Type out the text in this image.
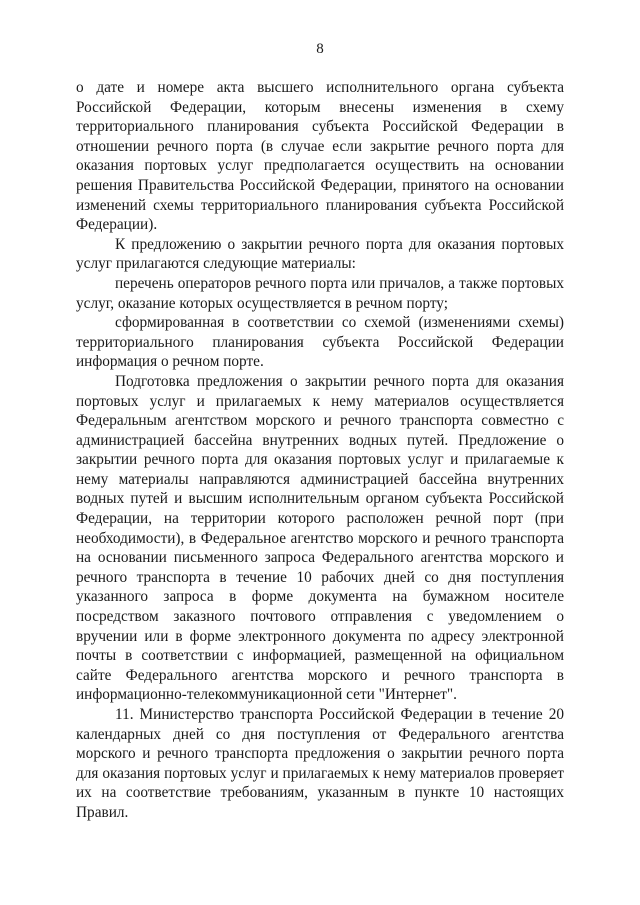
8

о дате и номере акта высшего исполнительного органа субъекта Российской Федерации, которым внесены изменения в схему территориального планирования субъекта Российской Федерации в отношении речного порта (в случае если закрытие речного порта для оказания портовых услуг предполагается осуществить на основании решения Правительства Российской Федерации, принятого на основании изменений схемы территориального планирования субъекта Российской Федерации).

К предложению о закрытии речного порта для оказания портовых услуг прилагаются следующие материалы:

перечень операторов речного порта или причалов, а также портовых услуг, оказание которых осуществляется в речном порту;

сформированная в соответствии со схемой (изменениями схемы) территориального планирования субъекта Российской Федерации информация о речном порте.

Подготовка предложения о закрытии речного порта для оказания портовых услуг и прилагаемых к нему материалов осуществляется Федеральным агентством морского и речного транспорта совместно с администрацией бассейна внутренних водных путей. Предложение о закрытии речного порта для оказания портовых услуг и прилагаемые к нему материалы направляются администрацией бассейна внутренних водных путей и высшим исполнительным органом субъекта Российской Федерации, на территории которого расположен речной порт (при необходимости), в Федеральное агентство морского и речного транспорта на основании письменного запроса Федерального агентства морского и речного транспорта в течение 10 рабочих дней со дня поступления указанного запроса в форме документа на бумажном носителе посредством заказного почтового отправления с уведомлением о вручении или в форме электронного документа по адресу электронной почты в соответствии с информацией, размещенной на официальном сайте Федерального агентства морского и речного транспорта в информационно-телекоммуникационной сети "Интернет".

11. Министерство транспорта Российской Федерации в течение 20 календарных дней со дня поступления от Федерального агентства морского и речного транспорта предложения о закрытии речного порта для оказания портовых услуг и прилагаемых к нему материалов проверяет их на соответствие требованиям, указанным в пункте 10 настоящих Правил.
